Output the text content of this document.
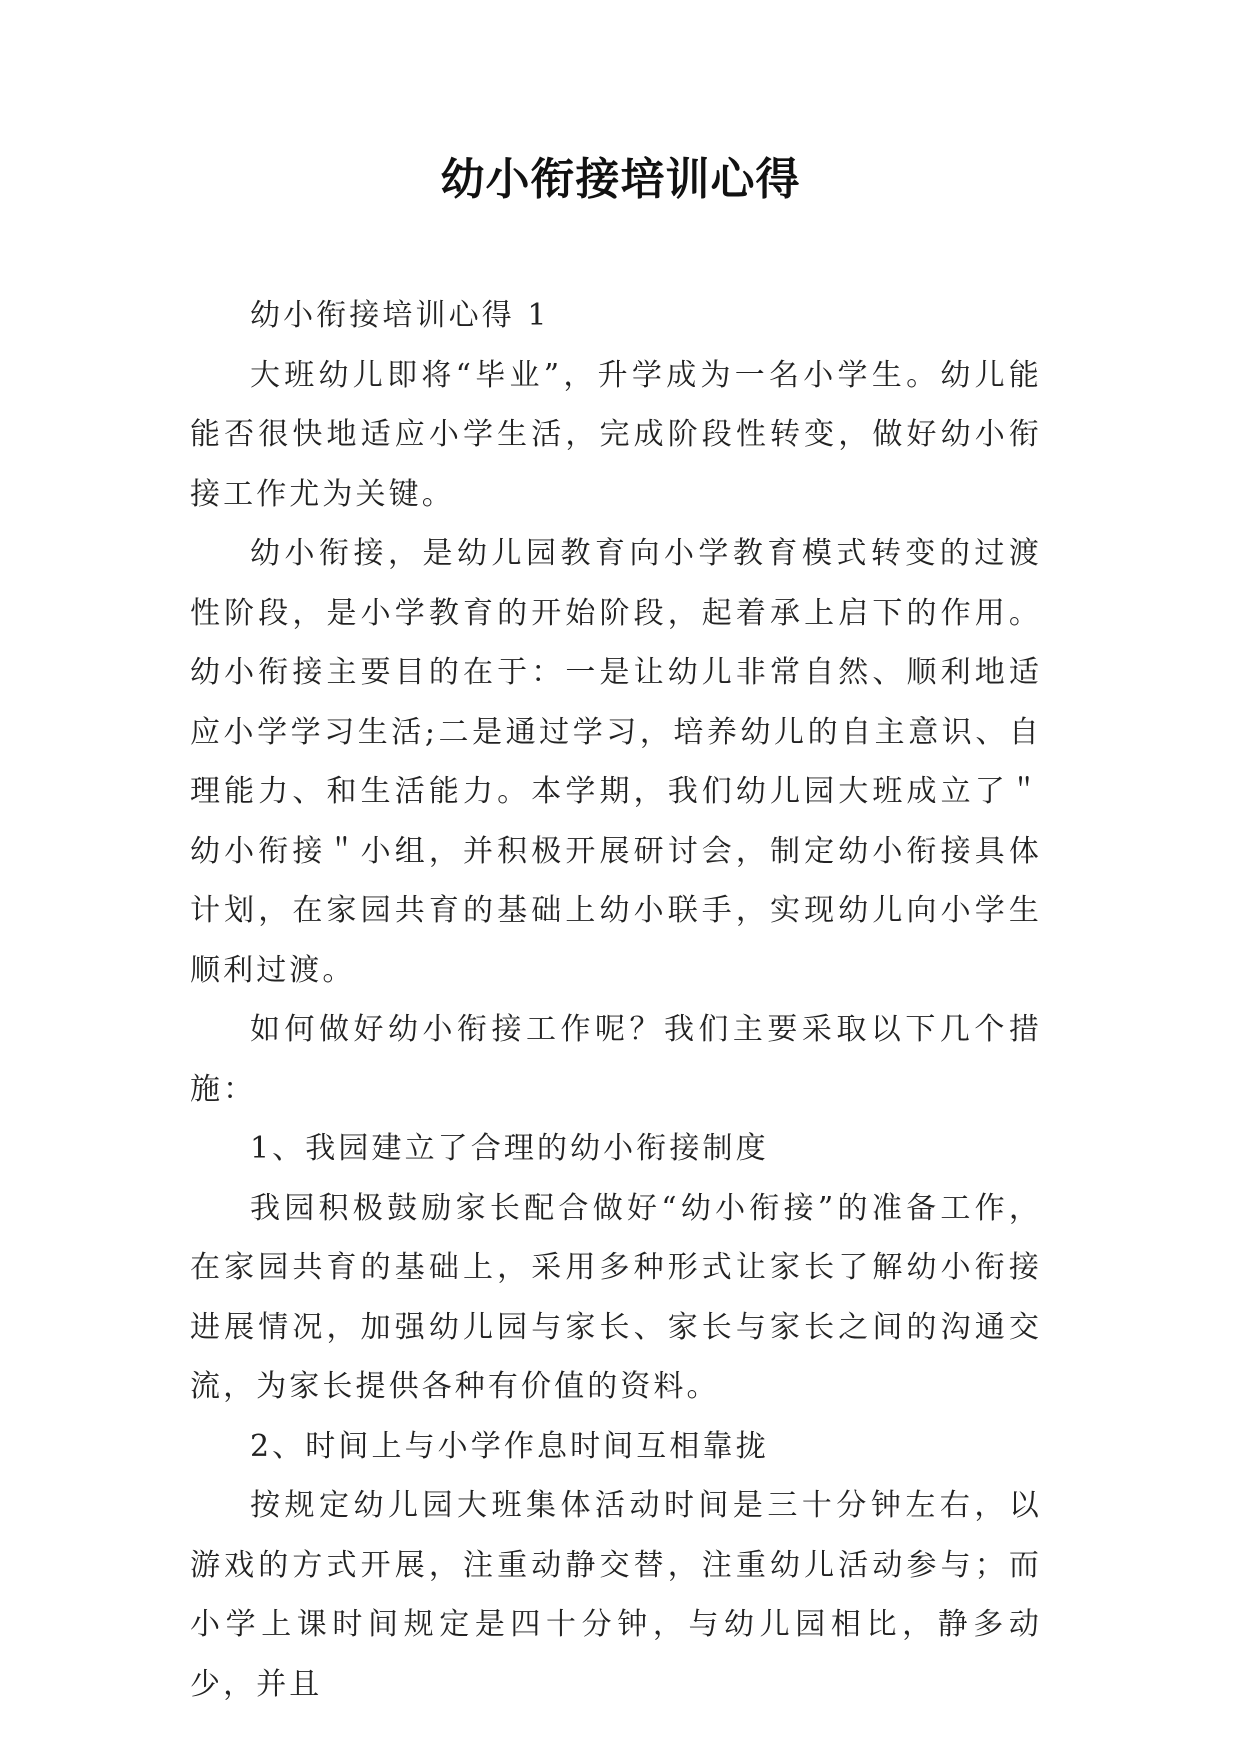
幼小衔接培训心得

幼小衔接培训心得 1

大班幼儿即将“毕业”，升学成为一名小学生。幼儿能能否很快地适应小学生活，完成阶段性转变，做好幼小衔接工作尤为关键。

幼小衔接，是幼儿园教育向小学教育模式转变的过渡性阶段，是小学教育的开始阶段，起着承上启下的作用。幼小衔接主要目的在于：一是让幼儿非常自然、顺利地适应小学学习生活;二是通过学习，培养幼儿的自主意识、自理能力、和生活能力。本学期，我们幼儿园大班成立了＂幼小衔接＂小组，并积极开展研讨会，制定幼小衔接具体计划，在家园共育的基础上幼小联手，实现幼儿向小学生顺利过渡。

如何做好幼小衔接工作呢？我们主要采取以下几个措施：

1、我园建立了合理的幼小衔接制度

我园积极鼓励家长配合做好“幼小衔接”的准备工作，在家园共育的基础上，采用多种形式让家长了解幼小衔接进展情况，加强幼儿园与家长、家长与家长之间的沟通交流，为家长提供各种有价值的资料。

2、时间上与小学作息时间互相靠拢

按规定幼儿园大班集体活动时间是三十分钟左右，以游戏的方式开展，注重动静交替，注重幼儿活动参与；而小学上课时间规定是四十分钟，与幼儿园相比，静多动少，并且
